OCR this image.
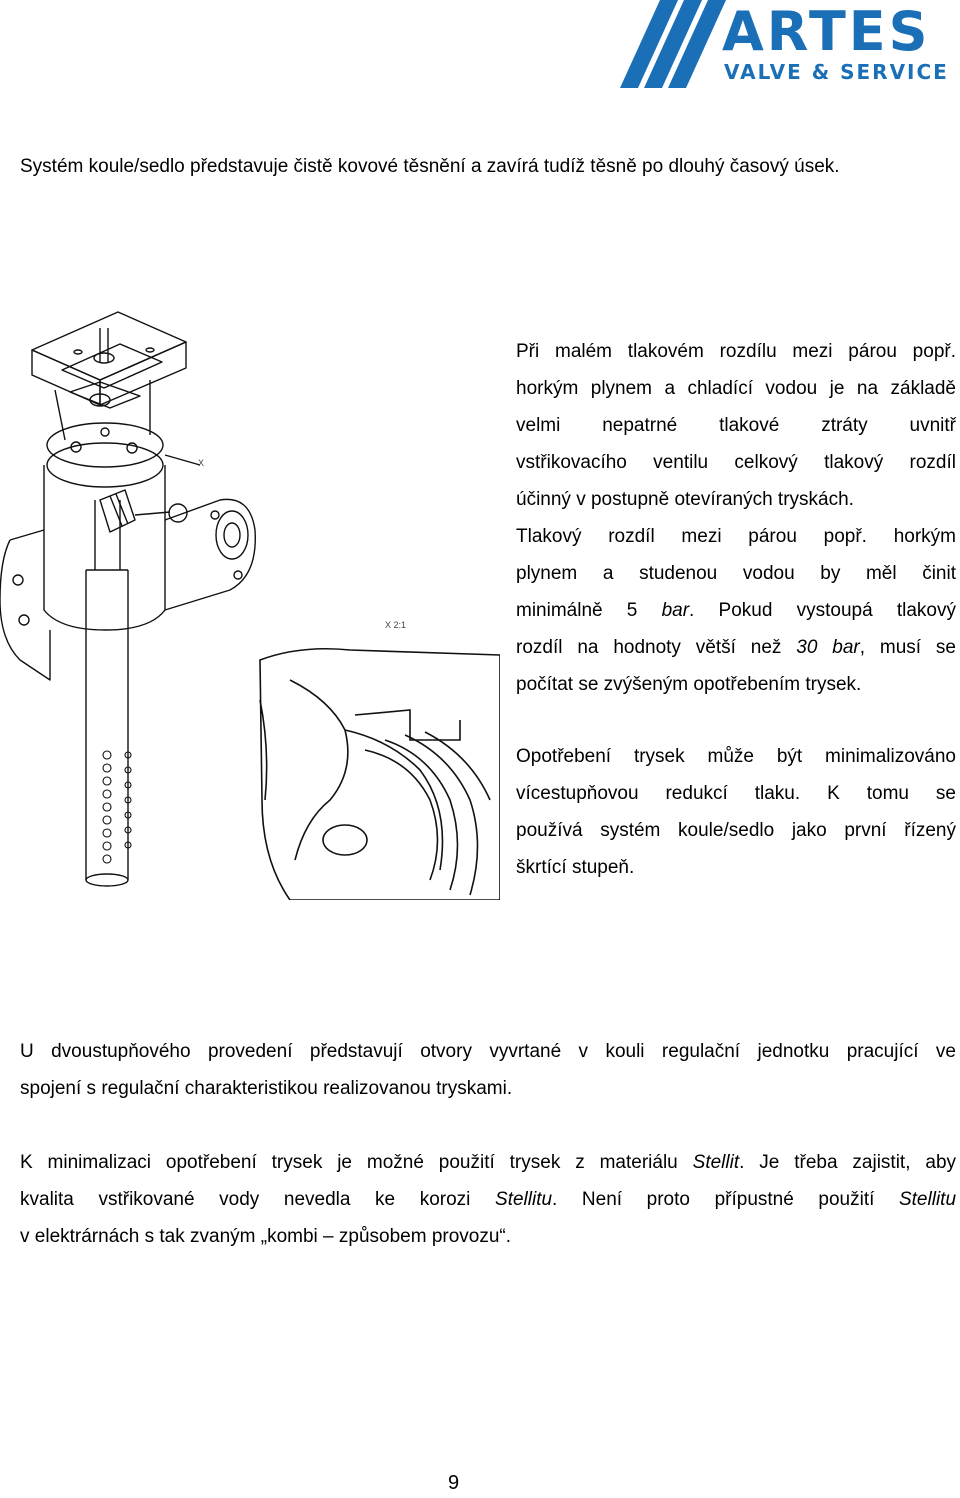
ARTES
VALVE & SERVICE

Systém koule/sedlo představuje čistě kovové těsnění a zavírá tudíž těsně po dlouhý časový úsek.

X
X 2:1
Při malém tlakovém rozdílu mezi párou popř.
horkým plynem a chladící vodou je na základě
velmi nepatrné tlakové ztráty uvnitř
vstřikovacího ventilu celkový tlakový rozdíl
účinný v postupně otevíraných tryskách.
Tlakový rozdíl mezi párou popř. horkým
plynem a studenou vodou by měl činit
minimálně 5 bar. Pokud vystoupá tlakový
rozdíl na hodnoty větší než 30 bar, musí se
počítat se zvýšeným opotřebením trysek.
Opotřebení trysek může být minimalizováno
vícestupňovou redukcí tlaku. K tomu se
používá systém koule/sedlo jako první řízený
škrtící stupeň.
U dvoustupňového provedení představují otvory vyvrtané v kouli regulační jednotku pracující ve
spojení s regulační charakteristikou realizovanou tryskami.
K minimalizaci opotřebení trysek je možné použití trysek z materiálu Stellit. Je třeba zajistit, aby
kvalita vstřikované vody nevedla ke korozi Stellitu. Není proto přípustné použití Stellitu
v elektrárnách s tak zvaným „kombi – způsobem provozu“.
9
